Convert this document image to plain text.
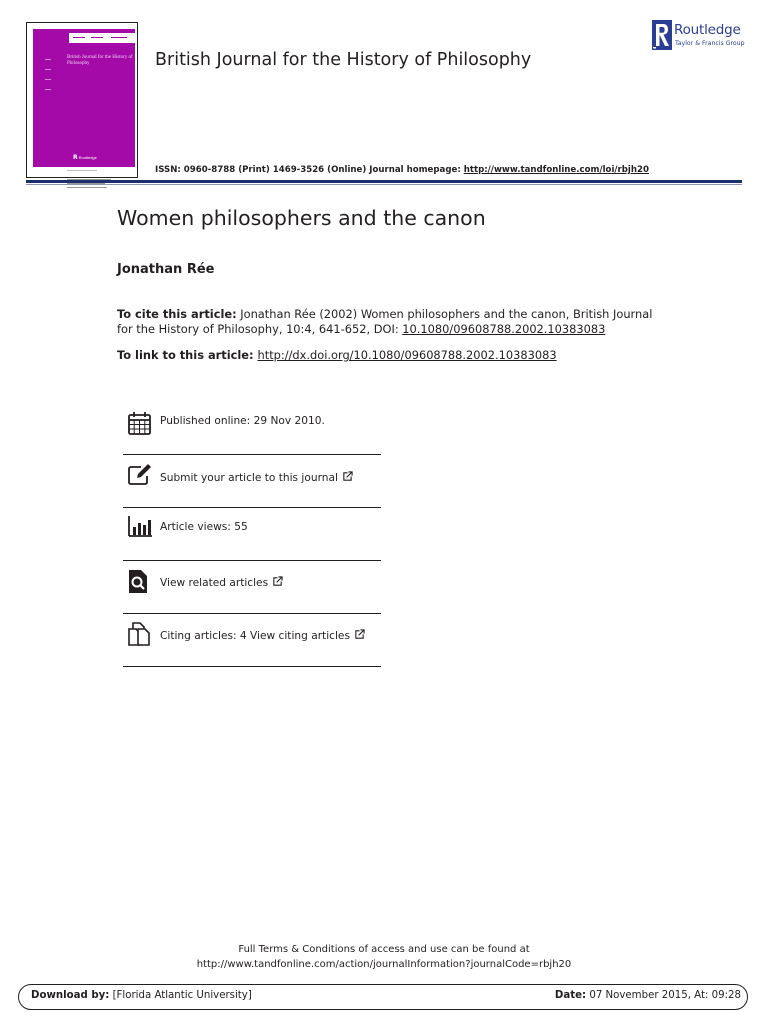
British Journal for the History of Philosophy
RRoutledge
British Journal for the History of Philosophy
ISSN: 0960-8788 (Print) 1469-3526 (Online) Journal homepage: http://www.tandfonline.com/loi/rbjh20
Routledge
Taylor & Francis Group
Women philosophers and the canon
Jonathan Rée
To cite this article: Jonathan Rée (2002) Women philosophers and the canon, British Journal
for the History of Philosophy, 10:4, 641-652, DOI: 10.1080/09608788.2002.10383083
To link to this article: http://dx.doi.org/10.1080/09608788.2002.10383083
Published online: 29 Nov 2010.
Submit your article to this journal
Article views: 55
View related articles
Citing articles: 4 View citing articles
Full Terms & Conditions of access and use can be found at
http://www.tandfonline.com/action/journalInformation?journalCode=rbjh20
Download by: [Florida Atlantic University]	Date: 07 November 2015, At: 09:28
